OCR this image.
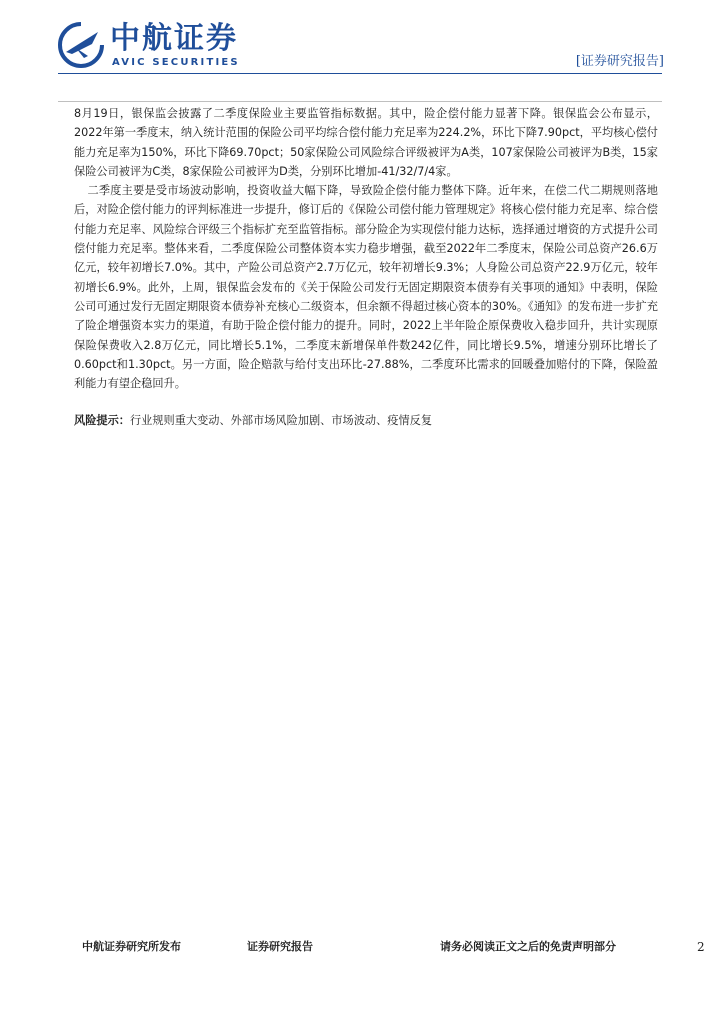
中航证券
AVIC SECURITIES	[证券研究报告]

8月19日，银保监会披露了二季度保险业主要监管指标数据。其中，险企偿付能力显著下降。银保监会公布显示，2022年第一季度末，纳入统计范围的保险公司平均综合偿付能力充足率为224.2%，环比下降7.90pct，平均核心偿付能力充足率为150%，环比下降69.70pct；50家保险公司风险综合评级被评为A类，107家保险公司被评为B类，15家保险公司被评为C类，8家保险公司被评为D类，分别环比增加-41/32/7/4家。

二季度主要是受市场波动影响，投资收益大幅下降，导致险企偿付能力整体下降。近年来，在偿二代二期规则落地后，对险企偿付能力的评判标准进一步提升，修订后的《保险公司偿付能力管理规定》将核心偿付能力充足率、综合偿付能力充足率、风险综合评级三个指标扩充至监管指标。部分险企为实现偿付能力达标，选择通过增资的方式提升公司偿付能力充足率。整体来看，二季度保险公司整体资本实力稳步增强，截至2022年二季度末，保险公司总资产26.6万亿元，较年初增长7.0%。其中，产险公司总资产2.7万亿元，较年初增长9.3%；人身险公司总资产22.9万亿元，较年初增长6.9%。此外，上周，银保监会发布的《关于保险公司发行无固定期限资本债券有关事项的通知》中表明，保险公司可通过发行无固定期限资本债券补充核心二级资本，但余额不得超过核心资本的30%。《通知》的发布进一步扩充了险企增强资本实力的渠道，有助于险企偿付能力的提升。同时，2022上半年险企原保费收入稳步回升，共计实现原保险保费收入2.8万亿元，同比增长5.1%，二季度末新增保单件数242亿件，同比增长9.5%，增速分别环比增长了0.60pct和1.30pct。另一方面，险企赔款与给付支出环比-27.88%，二季度环比需求的回暖叠加赔付的下降，保险盈利能力有望企稳回升。

风险提示：行业规则重大变动、外部市场风险加剧、市场波动、疫情反复
中航证券研究所发布	证券研究报告	请务必阅读正文之后的免责声明部分	2
